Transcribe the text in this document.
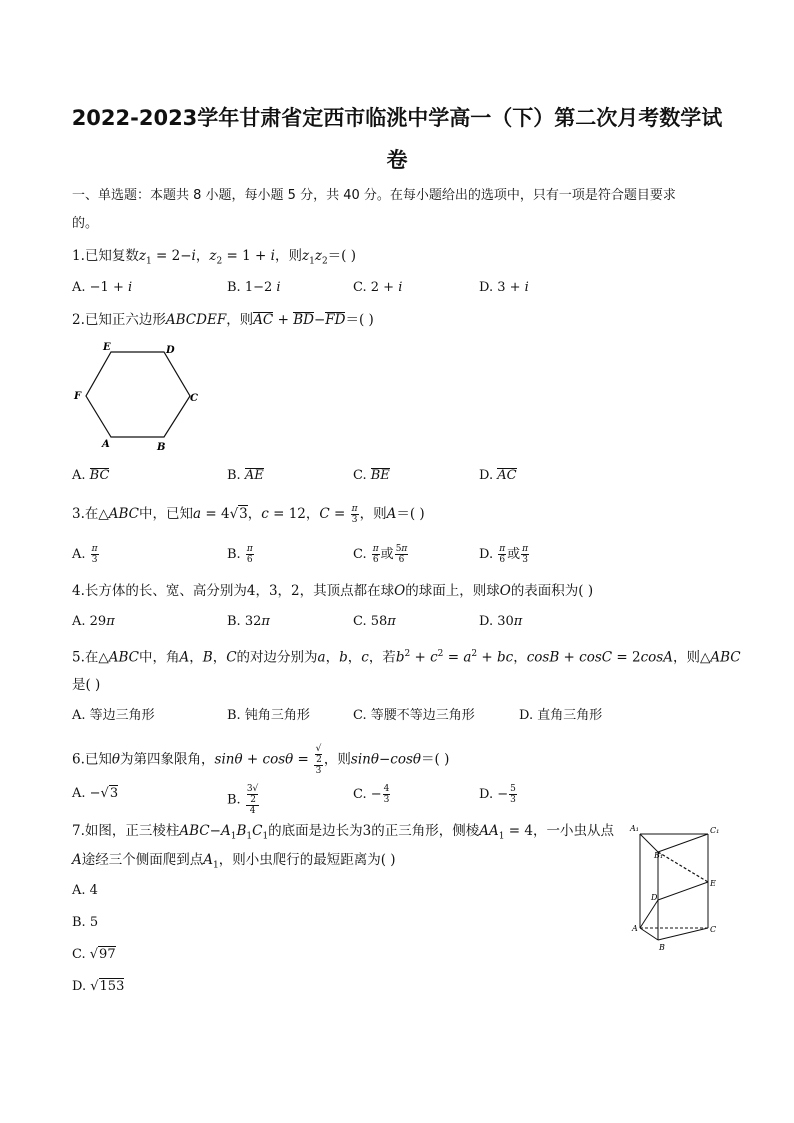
2022-2023学年甘肃省定西市临洮中学高一（下）第二次月考数学试
卷
一、单选题：本题共 8 小题，每小题 5 分，共 40 分。在每小题给出的选项中，只有一项是符合题目要求
的。
1.已知复数$z_1 = 2-i$，$z_2 = 1 + i$，则$z_1z_2=$( )
A. −1 + i	B. 1−2 i	C. 2 + i	D. 3 + i
2.已知正六边形ABCDEF，则AC + BD−FD＝( )
E	D
F	C
A	B
A. BC	B. AE	C. BE	D. AC
3.在△ABC中，已知a = 4√3，c = 12，$C = \frac{\pi}{3}$ ，则A＝( )
A. $\frac{\pi}{3}$	B. $\frac{\pi}{6}$	C. $\frac{\pi}{6}$ 或 $\frac{5\pi}{6}$	D. $\frac{\pi}{6}$ 或 $\frac{\pi}{3}$
4.长方体的长、宽、高分别为4，3，2，其顶点都在球O的球面上，则球O的表面积为( )
A. 29π	B. 32π	C. 58π	D. 30π
5.在△ABC中，角A，B，C的对边分别为a，b，c，若$b^2 + c^2 = a^2$ + bc，cosB + cosC = 2cosA，则△ABC
是( )
A. 等边三角形	B. 钝角三角形	C. 等腰不等边三角形	D. 直角三角形
6.已知θ为第四象限角，sinθ + cosθ = √
2
3 ，则sinθ−cosθ＝( )
A. −√3	B. 3√
2
4	C. − $\frac{4}{3}$	D. − $\frac{5}{3}$
7.如图，正三棱柱$ABC-A_1B_1C_1$的底面是边长为3的正三角形，侧棱$AA_1 = 4$，一小虫从点
A途经三个侧面爬到点$A_1$，则小虫爬行的最短距离为( )
A. 4
B. 5
C. √97
D. √153
A₁	C₁
B₁
E
D
A	C
B
